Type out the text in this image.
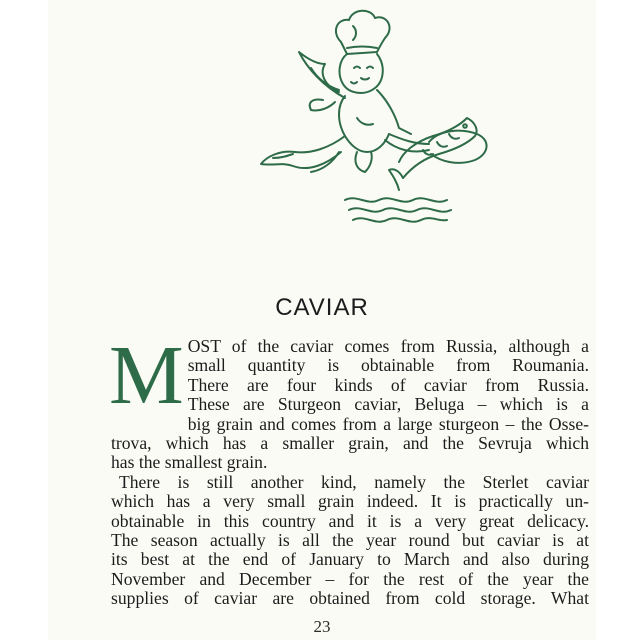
CAVIAR

M OST of the caviar comes from Russia, although a
small quantity is obtainable from Roumania.
There are four kinds of caviar from Russia.
These are Sturgeon caviar, Beluga – which is a
big grain and comes from a large sturgeon – the Osse-
trova, which has a smaller grain, and the Sevruja which
has the smallest grain.

There is still another kind, namely the Sterlet caviar
which has a very small grain indeed. It is practically un-
obtainable in this country and it is a very great delicacy.
The season actually is all the year round but caviar is at
its best at the end of January to March and also during
November and December – for the rest of the year the
supplies of caviar are obtained from cold storage. What

23
